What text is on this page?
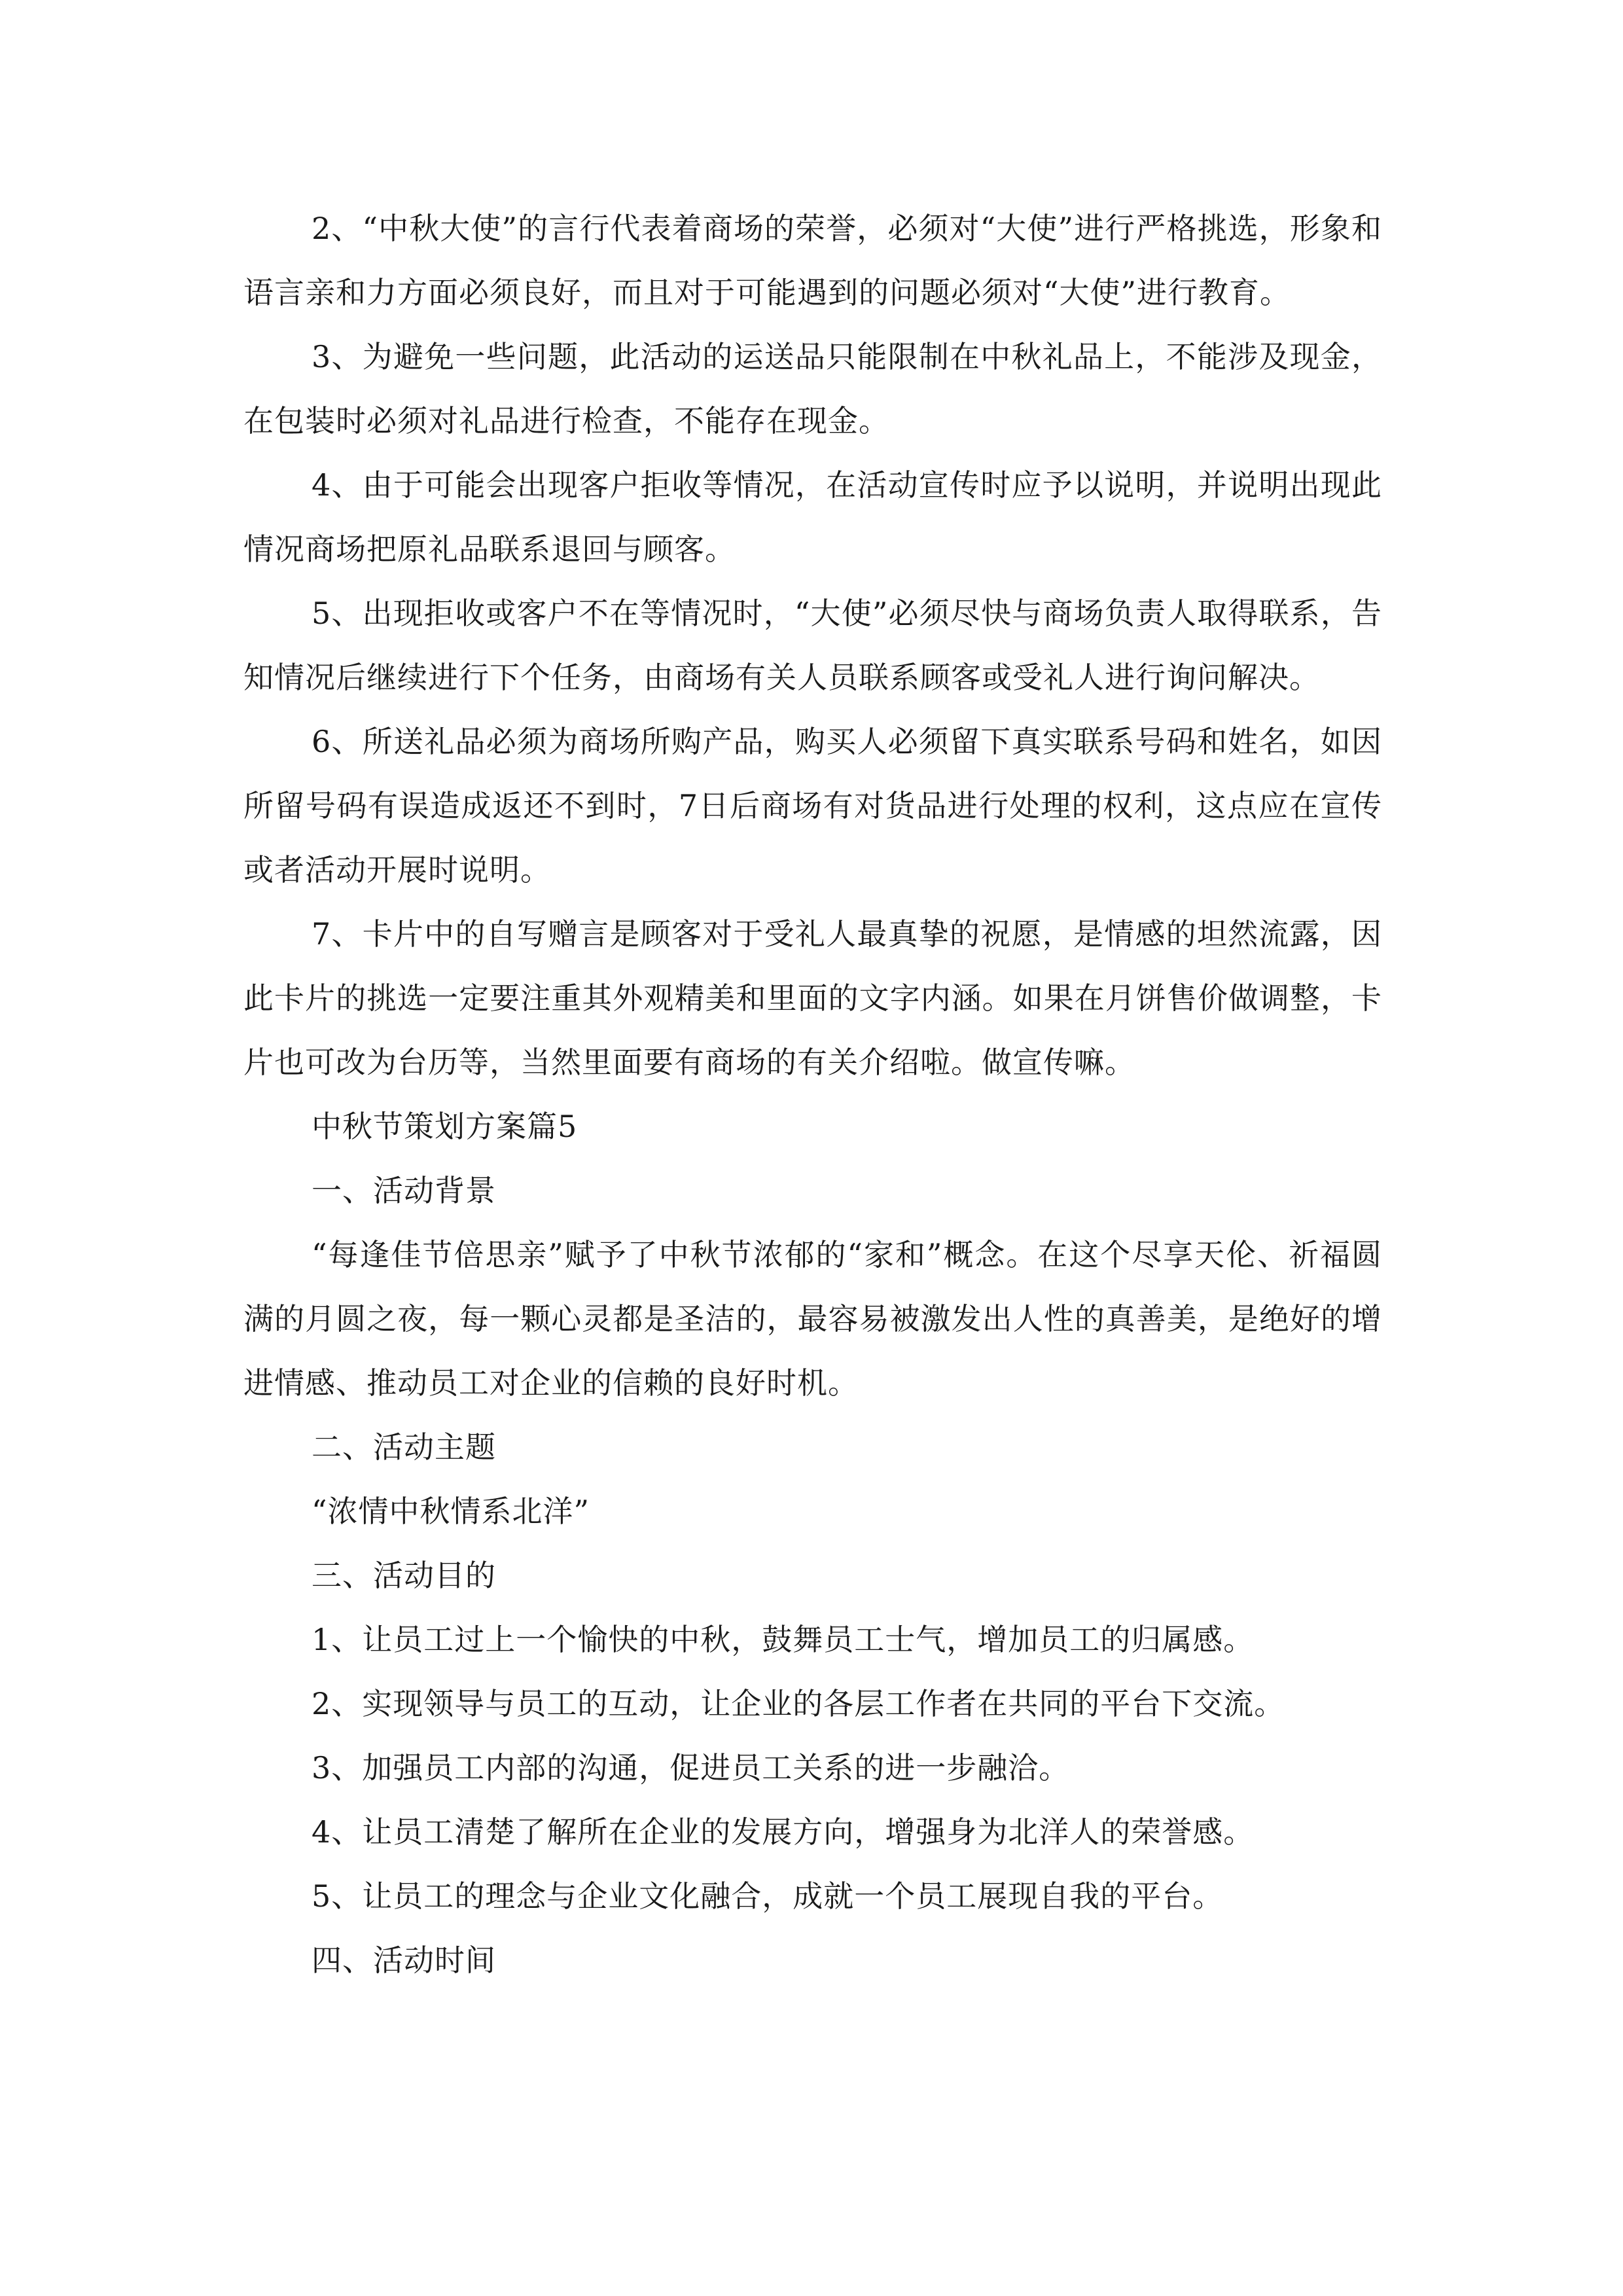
2、“中秋大使”的言行代表着商场的荣誉，必须对“大使”进行严格挑选，形象和语言亲和力方面必须良好，而且对于可能遇到的问题必须对“大使”进行教育。

3、为避免一些问题，此活动的运送品只能限制在中秋礼品上，不能涉及现金，在包装时必须对礼品进行检查，不能存在现金。

4、由于可能会出现客户拒收等情况，在活动宣传时应予以说明，并说明出现此情况商场把原礼品联系退回与顾客。

5、出现拒收或客户不在等情况时，“大使”必须尽快与商场负责人取得联系，告知情况后继续进行下个任务，由商场有关人员联系顾客或受礼人进行询问解决。

6、所送礼品必须为商场所购产品，购买人必须留下真实联系号码和姓名，如因所留号码有误造成返还不到时，7日后商场有对货品进行处理的权利，这点应在宣传或者活动开展时说明。

7、卡片中的自写赠言是顾客对于受礼人最真挚的祝愿，是情感的坦然流露，因此卡片的挑选一定要注重其外观精美和里面的文字内涵。如果在月饼售价做调整，卡片也可改为台历等，当然里面要有商场的有关介绍啦。做宣传嘛。

中秋节策划方案篇5

一、活动背景

“每逢佳节倍思亲”赋予了中秋节浓郁的“家和”概念。在这个尽享天伦、祈福圆满的月圆之夜，每一颗心灵都是圣洁的，最容易被激发出人性的真善美，是绝好的增进情感、推动员工对企业的信赖的良好时机。

二、活动主题

“浓情中秋情系北洋”

三、活动目的

1、让员工过上一个愉快的中秋，鼓舞员工士气，增加员工的归属感。

2、实现领导与员工的互动，让企业的各层工作者在共同的平台下交流。

3、加强员工内部的沟通，促进员工关系的进一步融洽。

4、让员工清楚了解所在企业的发展方向，增强身为北洋人的荣誉感。

5、让员工的理念与企业文化融合，成就一个员工展现自我的平台。

四、活动时间
